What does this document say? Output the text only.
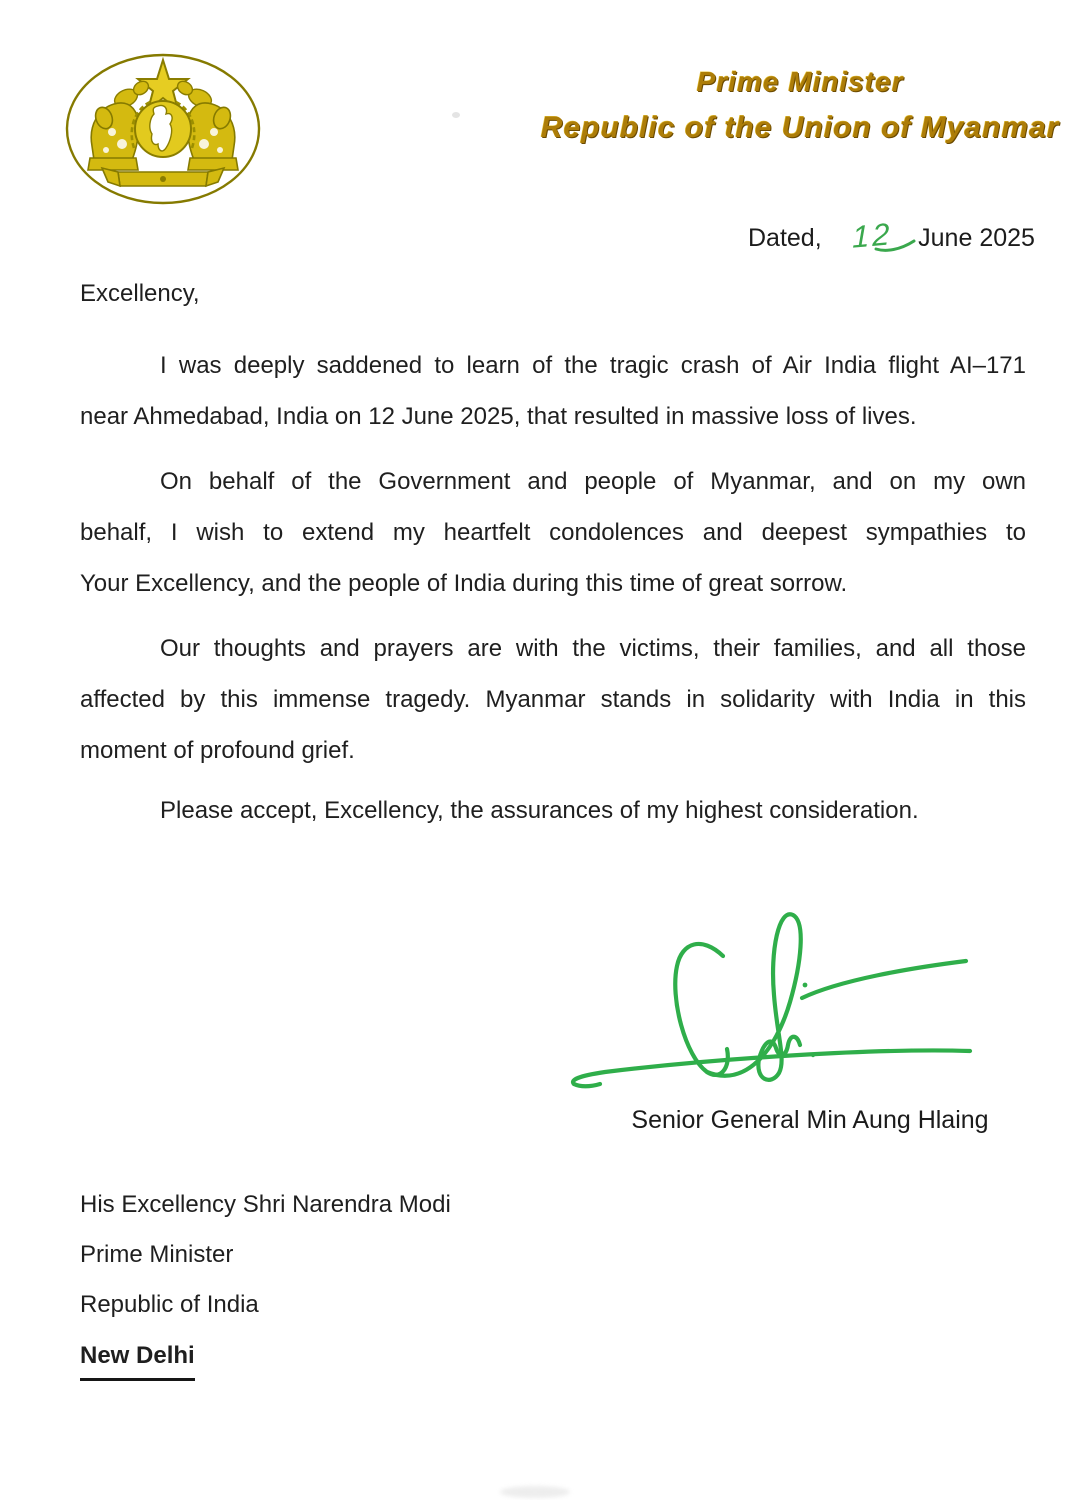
Prime Minister
Republic of the Union of Myanmar
Dated, 12 June 2025
Excellency,
I was deeply saddened to learn of the tragic crash of Air India flight AI–171
near Ahmedabad, India on 12 June 2025, that resulted in massive loss of lives.
On behalf of the Government and people of Myanmar, and on my own
behalf, I wish to extend my heartfelt condolences and deepest sympathies to
Your Excellency, and the people of India during this time of great sorrow.
Our thoughts and prayers are with the victims, their families, and all those
affected by this immense tragedy. Myanmar stands in solidarity with India in this
moment of profound grief.
Please accept, Excellency, the assurances of my highest consideration.
Senior General Min Aung Hlaing
His Excellency Shri Narendra Modi
Prime Minister
Republic of India
New Delhi
